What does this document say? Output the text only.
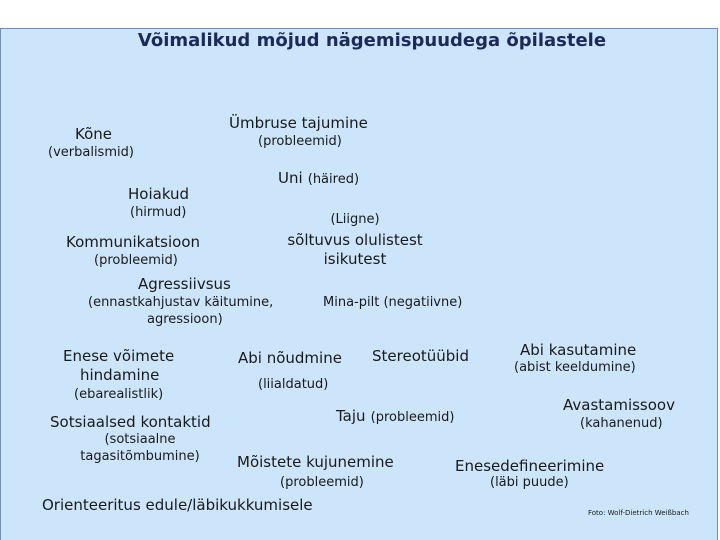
Võimalikud mõjud nägemispuudega õpilastele
Kõne
(verbalismid)
Ümbruse tajumine
(probleemid)
Uni (häired)
Hoiakud
(hirmud)	(Liigne)
sõltuvus olulistest
isikutest
Kommunikatsioon
(probleemid)
Agressiivsus
(ennastkahjustav käitumine,
agressioon)
Mina-pilt (negatiivne)
Enese võimete
hindamine
(ebarealistlik)
Abi nõudmine
(liialdatud)
Stereotüübid	Abi kasutamine
(abist keeldumine)
Avastamissoov
(kahanenud)
Sotsiaalsed kontaktid
(sotsiaalne
tagasitõmbumine)
Taju (probleemid)
Mõistete kujunemine
(probleemid)
Enesedefineerimine
(läbi puude)
Orienteeritus edule/läbikukkumisele	Foto: Wolf-Dietrich Weißbach
